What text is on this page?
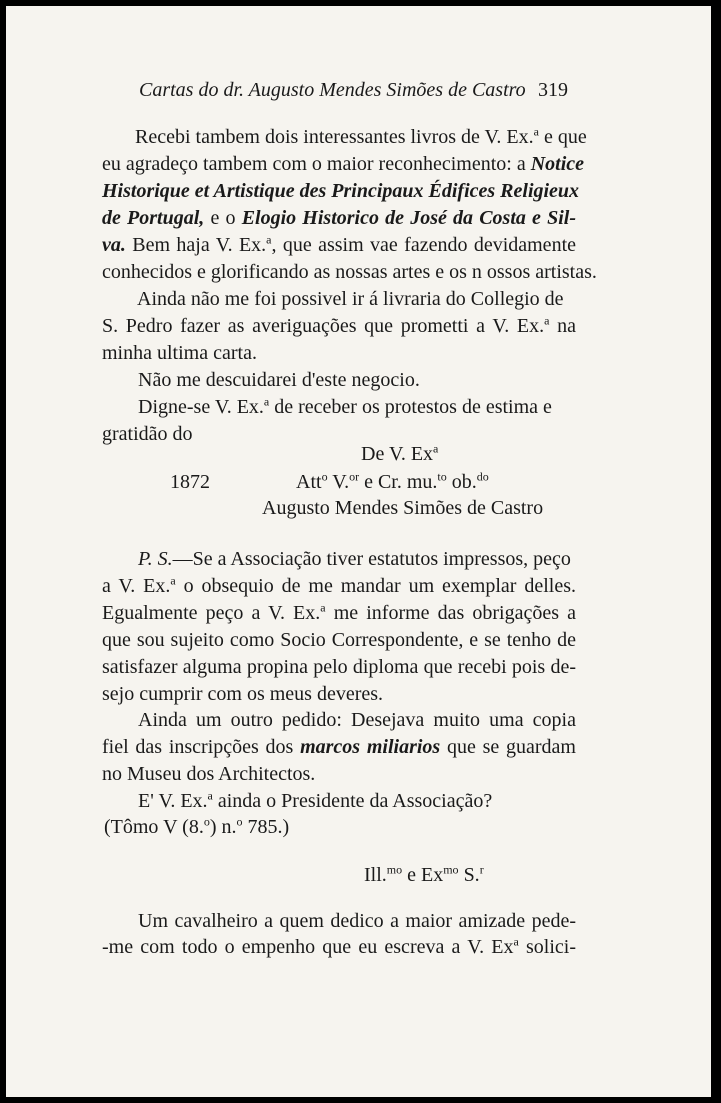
Cartas do dr. Augusto Mendes Simões de Castro 319
Recebi tambem dois interessantes livros de V. Ex.$^a$ e que
eu agradeço tambem com o maior reconhecimento: a Notice
Historique et Artistique des Principaux Édifices Religieux
de Portugal, e o Elogio Historico de José da Costa e Sil-
va. Bem haja V. Ex.$^a$, que assim vae fazendo devidamente
conhecidos e glorificando as nossas artes e os n ossos artistas.
Ainda não me foi possivel ir á livraria do Collegio de
S. Pedro fazer as averiguações que prometti a V. Ex.$^a$ na
minha ultima carta.
Não me descuidarei d'este negocio.
Digne-se V. Ex.$^a$ de receber os protestos de estima e
gratidão do
De V. Ex$^a$
1872	Att$^o$ V.$^{or}$ e Cr. mu.$^{to}$ ob.$^{do}$
Augusto Mendes Simões de Castro
P. S.—Se a Associação tiver estatutos impressos, peço
a V. Ex.$^a$ o obsequio de me mandar um exemplar delles.
Egualmente peço a V. Ex.$^a$ me informe das obrigações a
que sou sujeito como Socio Correspondente, e se tenho de
satisfazer alguma propina pelo diploma que recebi pois de-
sejo cumprir com os meus deveres.
Ainda um outro pedido: Desejava muito uma copia
fiel das inscripções dos marcos miliarios que se guardam
no Museu dos Architectos.
E' V. Ex.$^a$ ainda o Presidente da Associação?
(Tômo V (8.$^o$) n.$^o$ 785.)
Ill.$^{mo}$ e $Ex^{mo}$ S.$^r$
Um cavalheiro a quem dedico a maior amizade pede-
-me com todo o empenho que eu escreva a V. Ex$^a$ solici-
